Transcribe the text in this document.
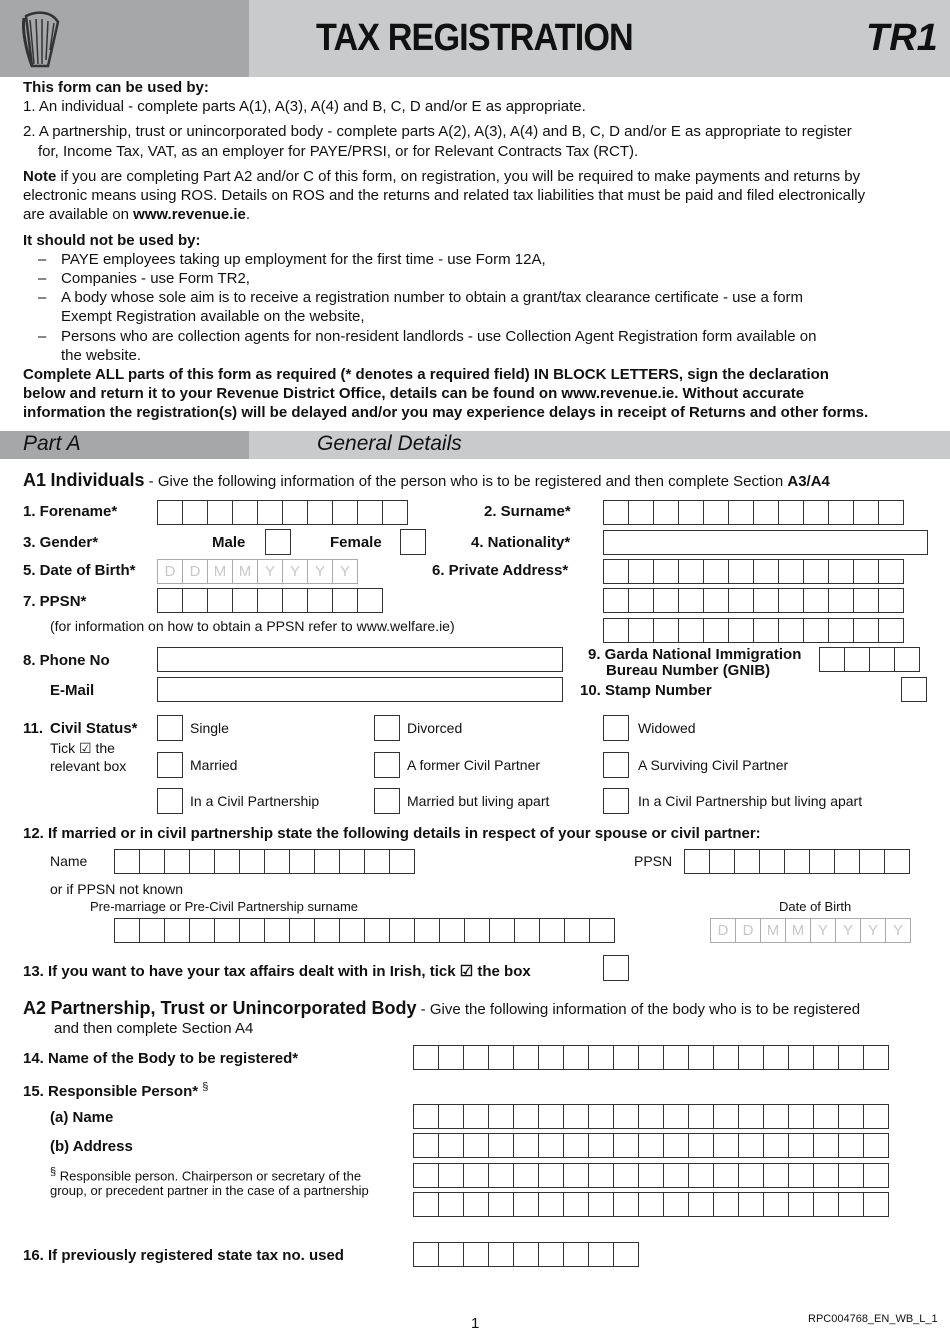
TAX REGISTRATION	TR1
This form can be used by:
1. An individual - complete parts A(1), A(3), A(4) and B, C, D and/or E as appropriate.
2. A partnership, trust or unincorporated body - complete parts A(2), A(3), A(4) and B, C, D and/or E as appropriate to register
for, Income Tax, VAT, as an employer for PAYE/PRSI, or for Relevant Contracts Tax (RCT).
Note if you are completing Part A2 and/or C of this form, on registration, you will be required to make payments and returns by
electronic means using ROS. Details on ROS and the returns and related tax liabilities that must be paid and filed electronically
are available on www.revenue.ie.
It should not be used by:
– PAYE employees taking up employment for the first time - use Form 12A,
– Companies - use Form TR2,
– A body whose sole aim is to receive a registration number to obtain a grant/tax clearance certificate - use a form
Exempt Registration available on the website,
– Persons who are collection agents for non-resident landlords - use Collection Agent Registration form available on
the website.
Complete ALL parts of this form as required (* denotes a required field) IN BLOCK LETTERS, sign the declaration
below and return it to your Revenue District Office, details can be found on www.revenue.ie. Without accurate
information the registration(s) will be delayed and/or you may experience delays in receipt of Returns and other forms.
Part A	General Details
A1 Individuals - Give the following information of the person who is to be registered and then complete Section A3/A4
1. Forename*	2. Surname*
3. Gender*	Male	Female	4. Nationality*
5. Date of Birth*	D D M M Y Y Y Y	6. Private Address*
7. PPSN*
(for information on how to obtain a PPSN refer to www.welfare.ie)
8. Phone No	9. Garda National Immigration
Bureau Number (GNIB)
E-Mail	10. Stamp Number
11. Civil Status*
Tick ☑ the
relevant box
Single	Divorced	Widowed
Married	A former Civil Partner	A Surviving Civil Partner
In a Civil Partnership	Married but living apart	In a Civil Partnership but living apart
12. If married or in civil partnership state the following details in respect of your spouse or civil partner:
Name	PPSN
or if PPSN not known
Pre-marriage or Pre-Civil Partnership surname	Date of Birth
D D M M Y Y Y Y
13. If you want to have your tax affairs dealt with in Irish, tick ☑ the box
A2 Partnership, Trust or Unincorporated Body - Give the following information of the body who is to be registered
and then complete Section A4
14. Name of the Body to be registered*
15. Responsible Person* §
(a) Name
(b) Address
§ Responsible person. Chairperson or secretary of the
group, or precedent partner in the case of a partnership
16. If previously registered state tax no. used
1	RPC004768_EN_WB_L_1
